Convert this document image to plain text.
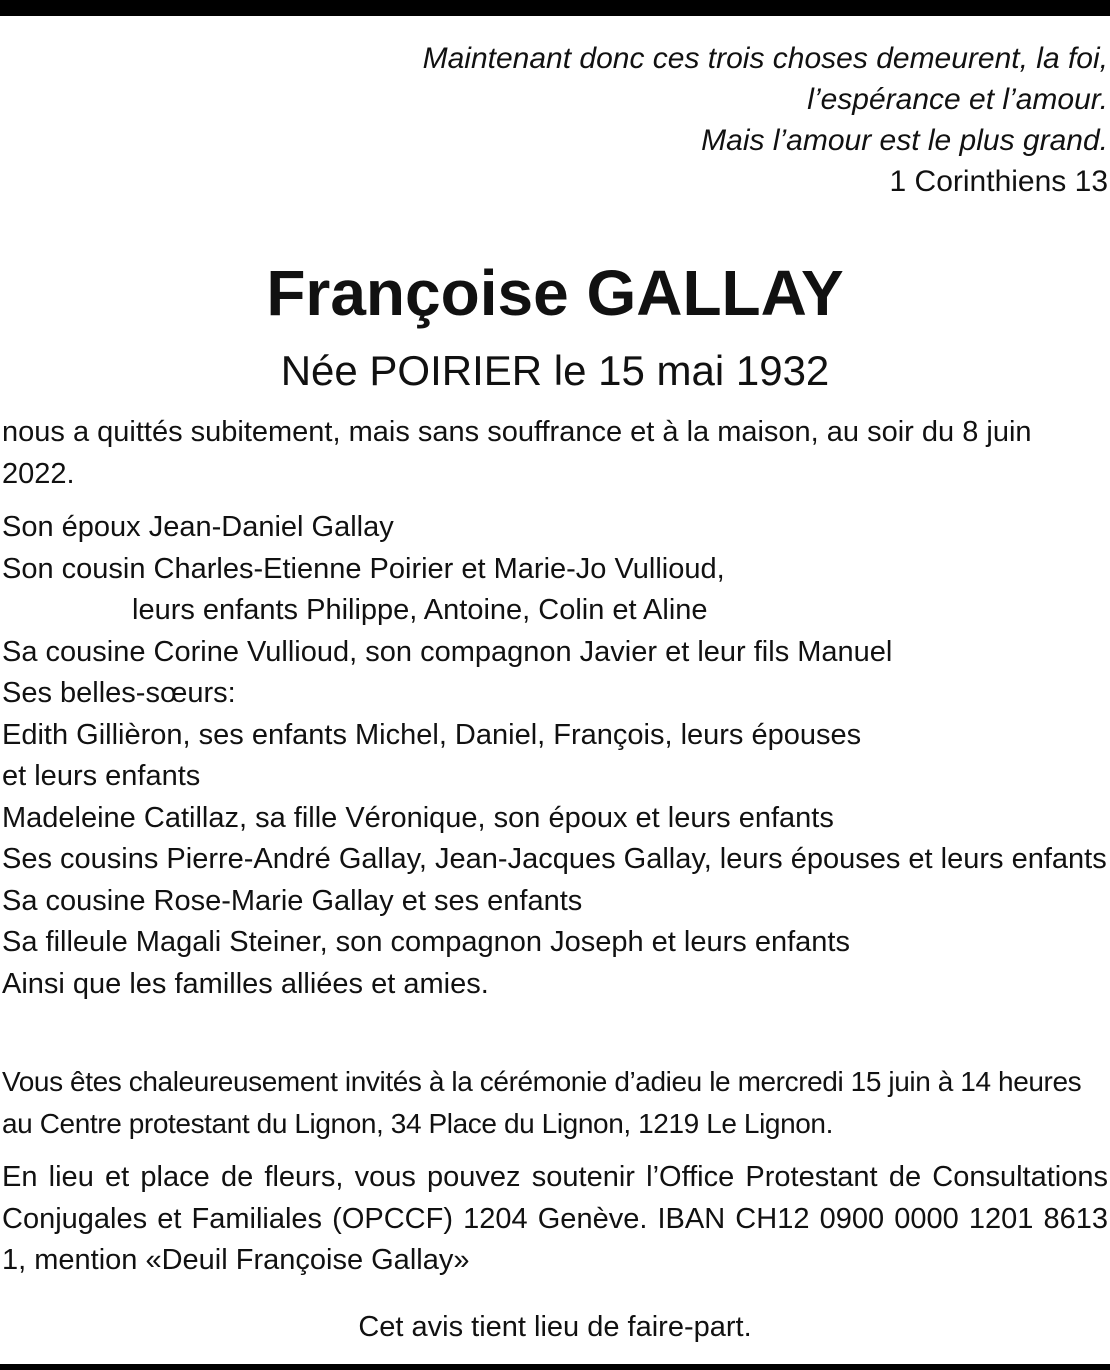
Maintenant donc ces trois choses demeurent, la foi,
l’espérance et l’amour.
Mais l’amour est le plus grand.
1 Corinthiens 13
Françoise GALLAY
Née POIRIER le 15 mai 1932
nous a quittés subitement, mais sans souffrance et à la maison, au soir du 8 juin 2022.
Son époux Jean-Daniel Gallay
Son cousin Charles-Etienne Poirier et Marie-Jo Vullioud,
leurs enfants Philippe, Antoine, Colin et Aline
Sa cousine Corine Vullioud, son compagnon Javier et leur fils Manuel
Ses belles-sœurs:
Edith Gillièron, ses enfants Michel, Daniel, François, leurs épouses
et leurs enfants
Madeleine Catillaz, sa fille Véronique, son époux et leurs enfants
Ses cousins Pierre-André Gallay, Jean-Jacques Gallay, leurs épouses et leurs enfants
Sa cousine Rose-Marie Gallay et ses enfants
Sa filleule Magali Steiner, son compagnon Joseph et leurs enfants
Ainsi que les familles alliées et amies.
Vous êtes chaleureusement invités à la cérémonie d’adieu le mercredi 15 juin à 14 heures au Centre protestant du Lignon, 34 Place du Lignon, 1219 Le Lignon.
En lieu et place de fleurs, vous pouvez soutenir l’Office Protestant de Consultations Conjugales et Familiales (OPCCF) 1204 Genève. IBAN CH12 0900 0000 1201 8613 1, mention «Deuil Françoise Gallay»
Cet avis tient lieu de faire-part.
